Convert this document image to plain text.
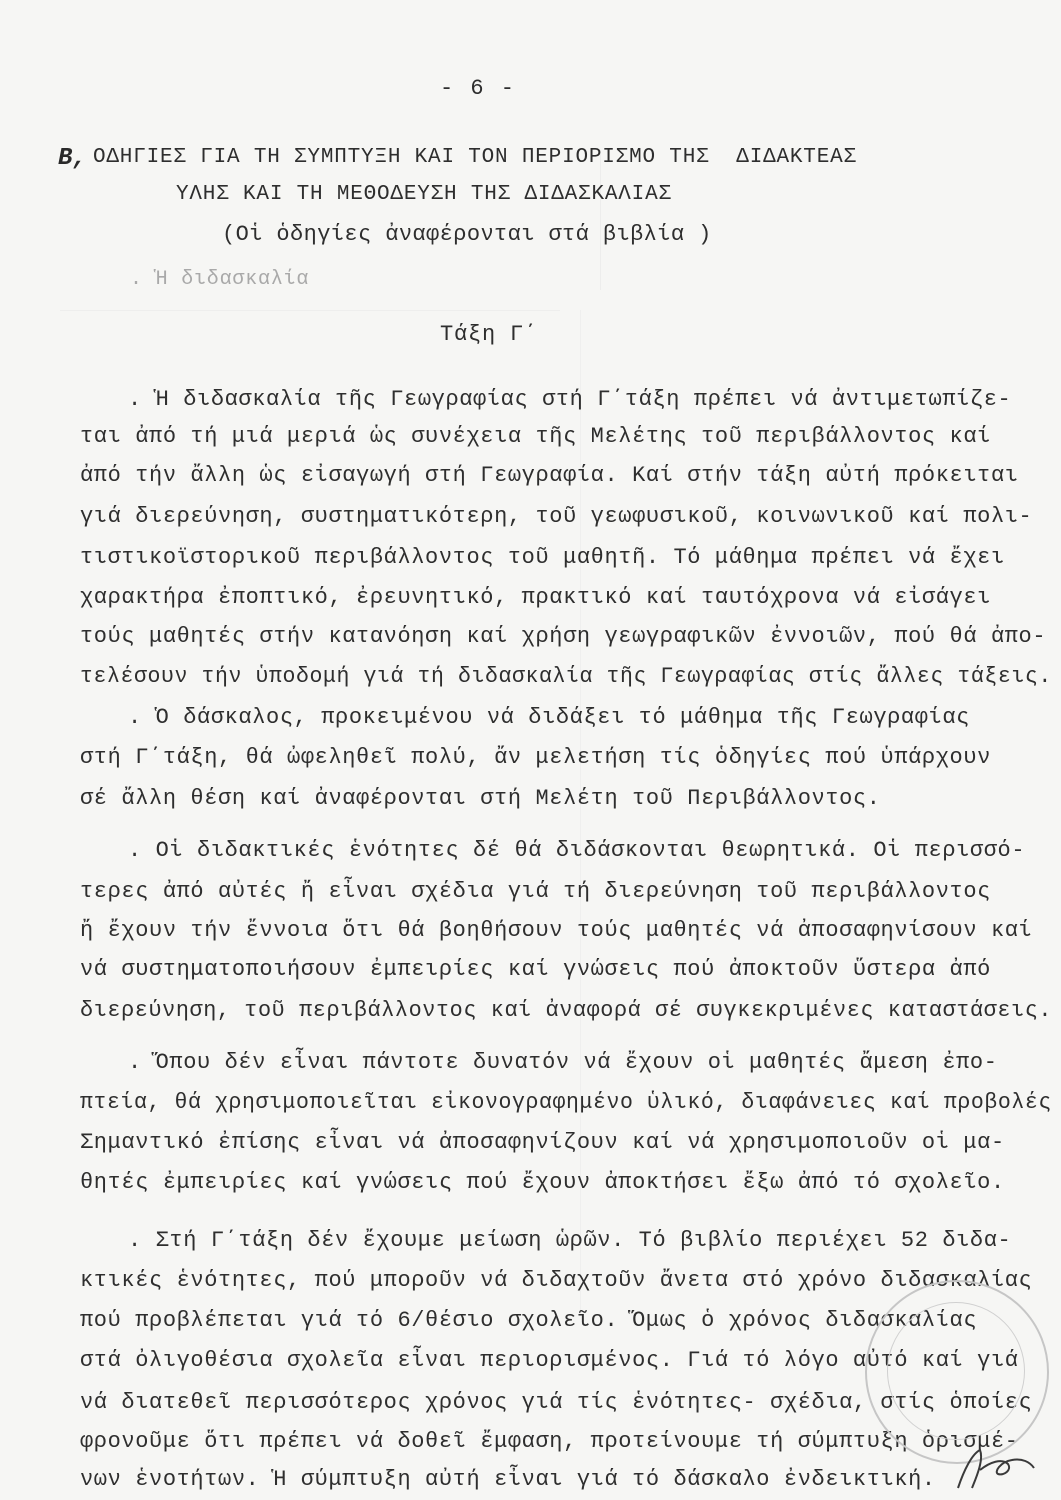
- 6 -
B, ΟΔΗΓΙΕΣ ΓΙΑ ΤΗ ΣΥΜΠΤΥΞΗ ΚΑΙ ΤΟΝ ΠΕΡΙΟΡΙΣΜΟ ΤΗΣ  ΔΙΔΑΚΤΕΑΣ
ΥΛΗΣ ΚΑΙ ΤΗ ΜΕΘΟΔΕΥΣΗ ΤΗΣ ΔΙΔΑΣΚΑΛΙΑΣ
(Οἱ ὁδηγίες ἀναφέρονται στά βιβλία )
. Ἡ διδασκαλία
Τάξη Γ΄
. Ἡ διδασκαλία τῆς Γεωγραφίας στή Γ΄τάξη πρέπει νά ἀντιμετωπίζε-
ται ἀπό τή μιά μεριά ὡς συνέχεια τῆς Μελέτης τοῦ περιβάλλοντος καί
ἀπό τήν ἄλλη ὡς εἰσαγωγή στή Γεωγραφία. Καί στήν τάξη αὐτή πρόκειται
γιά διερεύνηση, συστηματικότερη, τοῦ γεωφυσικοῦ, κοινωνικοῦ καί πολι-
τιστικοϊστορικοῦ περιβάλλοντος τοῦ μαθητῆ. Τό μάθημα πρέπει νά ἔχει
χαρακτήρα ἐποπτικό, ἐρευνητικό, πρακτικό καί ταυτόχρονα νά εἰσάγει
τούς μαθητές στήν κατανόηση καί χρήση γεωγραφικῶν ἐννοιῶν, πού θά ἀπο-
τελέσουν τήν ὑποδομή γιά τή διδασκαλία τῆς Γεωγραφίας στίς ἄλλες τάξεις.
. Ὁ δάσκαλος, προκειμένου νά διδάξει τό μάθημα τῆς Γεωγραφίας
στή Γ΄τάξη, θά ὠφεληθεῖ πολύ, ἄν μελετήση τίς ὁδηγίες πού ὑπάρχουν
σέ ἄλλη θέση καί ἀναφέρονται στή Μελέτη τοῦ Περιβάλλοντος.
. Οἱ διδακτικές ἑνότητες δέ θά διδάσκονται θεωρητικά. Οἱ περισσό-
τερες ἀπό αὐτές ἤ εἶναι σχέδια γιά τή διερεύνηση τοῦ περιβάλλοντος
ἤ ἔχουν τήν ἔννοια ὅτι θά βοηθήσουν τούς μαθητές νά ἀποσαφηνίσουν καί
νά συστηματοποιήσουν ἐμπειρίες καί γνώσεις πού ἀποκτοῦν ὕστερα ἀπό
διερεύνηση, τοῦ περιβάλλοντος καί ἀναφορά σέ συγκεκριμένες καταστάσεις.
. Ὅπου δέν εἶναι πάντοτε δυνατόν νά ἔχουν οἱ μαθητές ἄμεση ἐπο-
πτεία, θά χρησιμοποιεῖται εἰκονογραφημένο ὑλικό, διαφάνειες καί προβολές
Σημαντικό ἐπίσης εἶναι νά ἀποσαφηνίζουν καί νά χρησιμοποιοῦν οἱ μα-
θητές ἐμπειρίες καί γνώσεις πού ἔχουν ἀποκτήσει ἔξω ἀπό τό σχολεῖο.
. Στή Γ΄τάξη δέν ἔχουμε μείωση ὡρῶν. Τό βιβλίο περιέχει 52 διδα-
κτικές ἑνότητες, πού μποροῦν νά διδαχτοῦν ἄνετα στό χρόνο διδασκαλίας
πού προβλέπεται γιά τό 6/θέσιο σχολεῖο. Ὅμως ὁ χρόνος διδασκαλίας
στά ὀλιγοθέσια σχολεῖα εἶναι περιορισμένος. Γιά τό λόγο αὐτό καί γιά
νά διατεθεῖ περισσότερος χρόνος γιά τίς ἑνότητες- σχέδια, στίς ὁποίες
φρονοῦμε ὅτι πρέπει νά δοθεῖ ἔμφαση, προτείνουμε τή σύμπτυξη ὁρισμέ-
νων ἑνοτήτων. Ἡ σύμπτυξη αὐτή εἶναι γιά τό δάσκαλο ἐνδεικτική.
